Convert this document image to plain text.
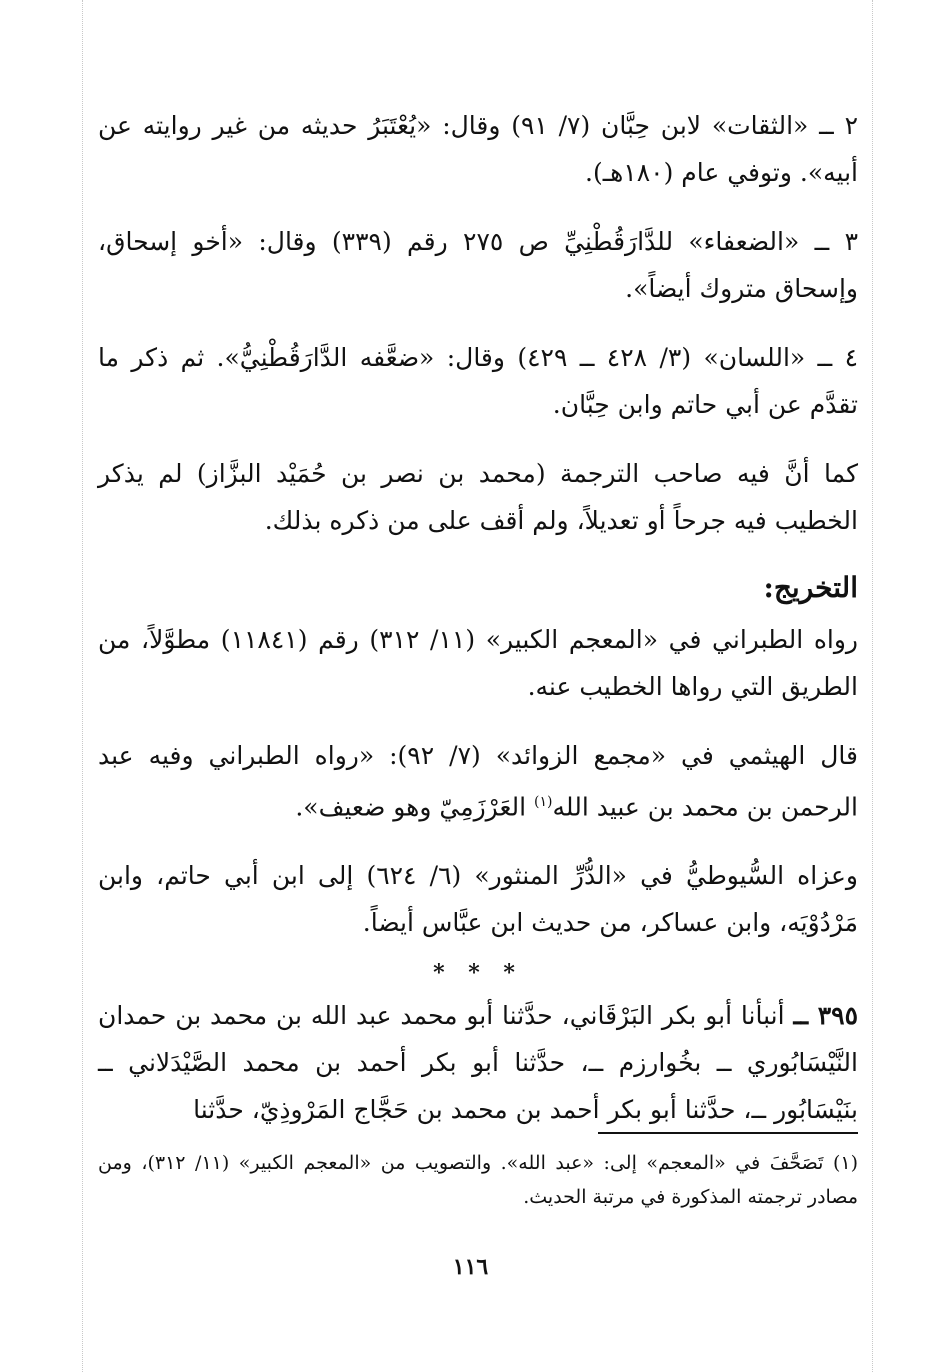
٢ ــ «الثقات» لابن حِبَّان (٧/ ٩١) وقال: «يُعْتَبَرُ حديثه من غير روايته عن أبيه». وتوفي عام (١٨٠هـ).

٣ ــ «الضعفاء» للدَّارَقُطْنِيِّ ص ٢٧٥ رقم (٣٣٩) وقال: «أخو إسحاق، وإسحاق متروك أيضاً».

٤ ــ «اللسان» (٣/ ٤٢٨ ــ ٤٢٩) وقال: «ضعَّفه الدَّارَقُطْنِيُّ». ثم ذكر ما تقدَّم عن أبي حاتم وابن حِبَّان.

كما أنَّ فيه صاحب الترجمة (محمد بن نصر بن حُمَيْد البزَّاز) لم يذكر الخطيب فيه جرحاً أو تعديلاً، ولم أقف على من ذكره بذلك.

التخريج:

رواه الطبراني في «المعجم الكبير» (١١/ ٣١٢) رقم (١١٨٤١) مطوَّلاً، من الطريق التي رواها الخطيب عنه.

قال الهيثمي في «مجمع الزوائد» (٧/ ٩٢): «رواه الطبراني وفيه عبد الرحمن بن محمد بن عبيد الله$^{(١)}$ العَرْزَمِيّ وهو ضعيف».

وعزاه السُّيوطيُّ في «الدُّرِّ المنثور» (٦/ ٦٢٤) إلى ابن أبي حاتم، وابن مَرْدُوْيَه، وابن عساكر، من حديث ابن عبَّاس أيضاً.

* * *

٣٩٥ ــ أنبأنا أبو بكر البَرْقَاني، حدَّثنا أبو محمد عبد الله بن محمد بن حمدان النَّيْسَابُوري ــ بخُوارزم ــ، حدَّثنا أبو بكر أحمد بن محمد الصَّيْدَلاني ــ بنَيْسَابُور ــ، حدَّثنا أبو بكر أحمد بن محمد بن حَجَّاج المَرْوذِيّ، حدَّثنا

(١) تَصَحَّفَ في «المعجم» إلى: «عبد الله». والتصويب من «المعجم الكبير» (١١/ ٣١٢)، ومن مصادر ترجمته المذكورة في مرتبة الحديث.
١١٦
